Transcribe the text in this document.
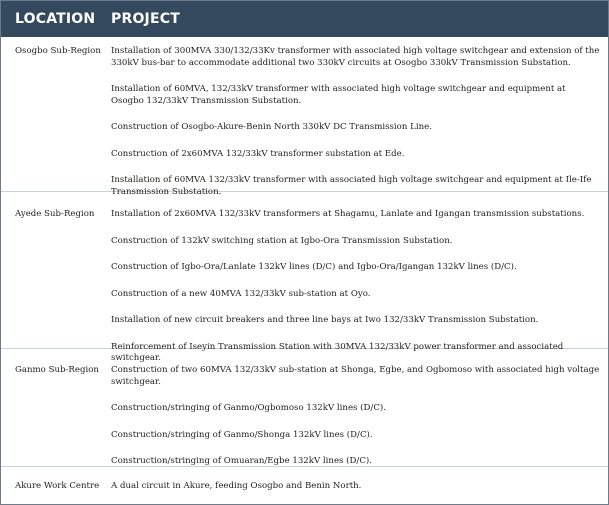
LOCATION PROJECT
Osogbo Sub-Region Installation of 300MVA 330/132/33Kv transformer with associated high voltage switchgear and extension of the 330kV bus-bar to accommodate additional two 330kV circuits at Osogbo 330kV Transmission Substation.

Installation of 60MVA, 132/33kV transformer with associated high voltage switchgear and equipment at Osogbo 132/33kV Transmission Substation.

Construction of Osogbo-Akure-Benin North 330kV DC Transmission Line.

Construction of 2x60MVA 132/33kV transformer substation at Ede.

Installation of 60MVA 132/33kV transformer with associated high voltage switchgear and equipment at Ile-Ife Transmission Substation.

Ayede Sub-Region Installation of 2x60MVA 132/33kV transformers at Shagamu, Lanlate and Igangan transmission substations.

Construction of 132kV switching station at Igbo-Ora Transmission Substation.

Construction of Igbo-Ora/Lanlate 132kV lines (D/C) and Igbo-Ora/Igangan 132kV lines (D/C).

Construction of a new 40MVA 132/33kV sub-station at Oyo.

Installation of new circuit breakers and three line bays at Iwo 132/33kV Transmission Substation.

Reinforcement of Iseyin Transmission Station with 30MVA 132/33kV power transformer and associated switchgear.

Ganmo Sub-Region Construction of two 60MVA 132/33kV sub-station at Shonga, Egbe, and Ogbomoso with associated high voltage switchgear.

Construction/stringing of Ganmo/Ogbomoso 132kV lines (D/C).

Construction/stringing of Ganmo/Shonga 132kV lines (D/C).

Construction/stringing of Omuaran/Egbe 132kV lines (D/C).

Akure Work Centre A dual circuit in Akure, feeding Osogbo and Benin North.
